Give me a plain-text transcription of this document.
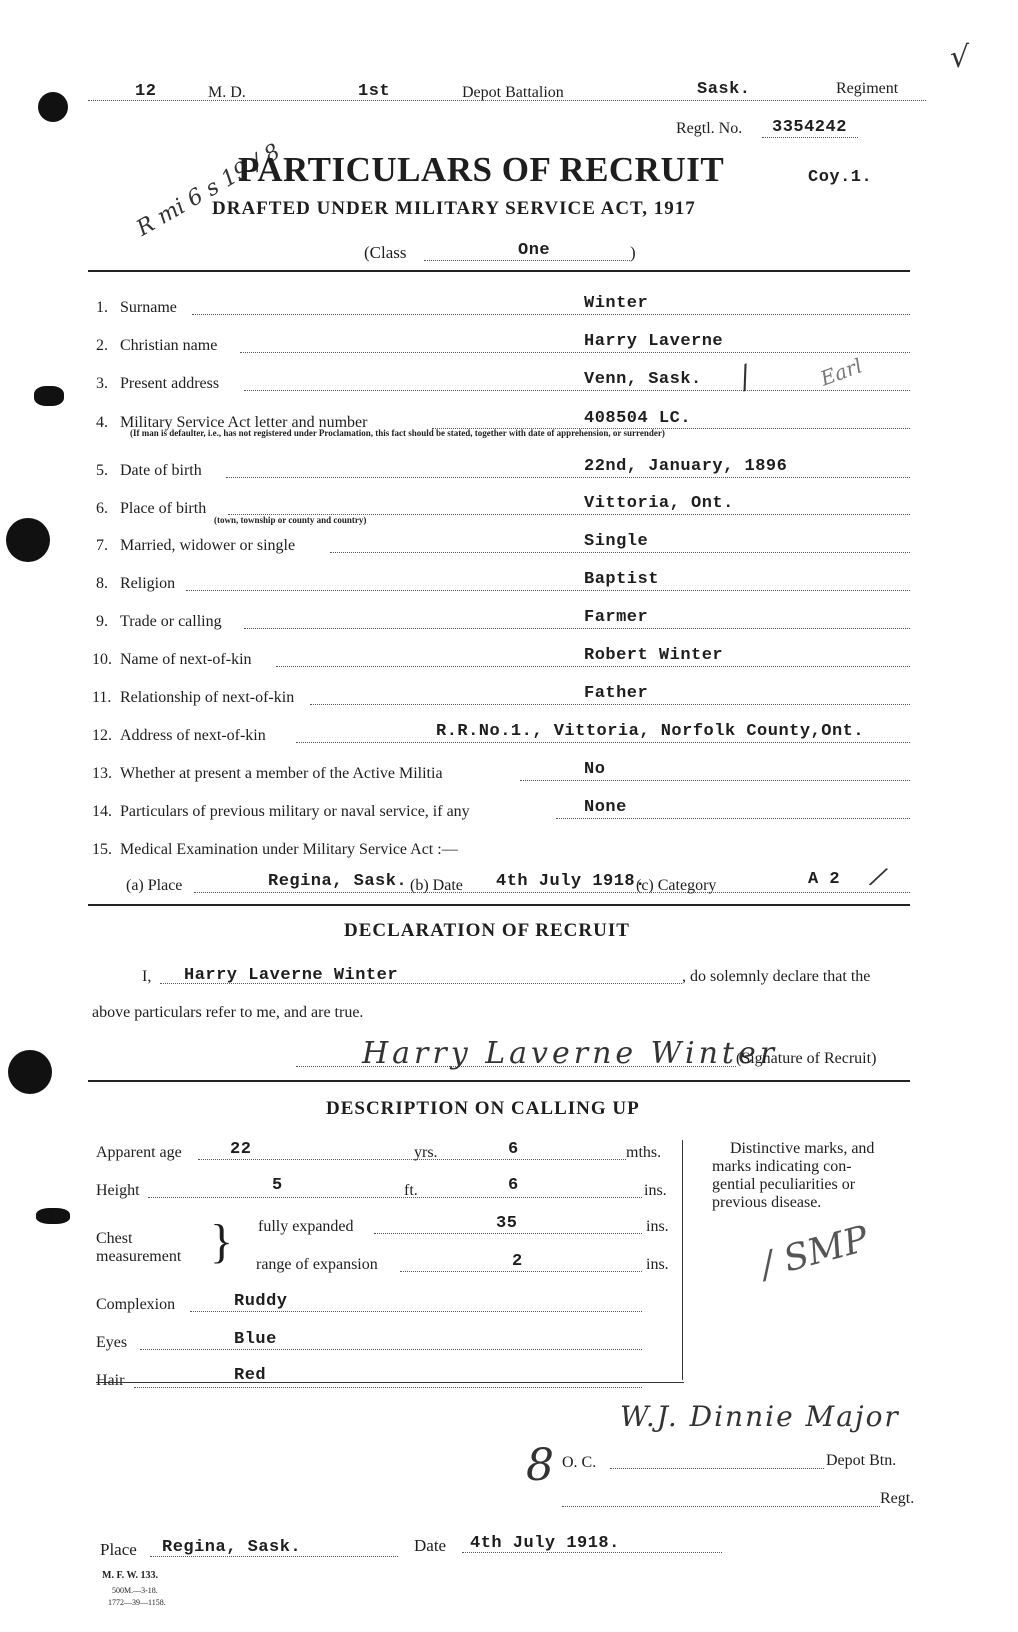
12	M. D.	1st	Depot Battalion	Sask.	Regiment
Regtl. No. 3354242
R mi 6 s 19 / 8
PARTICULARS OF RECRUIT	Coy.1.
DRAFTED UNDER MILITARY SERVICE ACT, 1917
(Class	One	)
1. Surname	Winter
2. Christian name	Harry Laverne
3. Present address	Venn, Sask.
4. Military Service Act letter and number	408504 LC.
(If man is defaulter, i.e., has not registered under Proclamation, this fact should be stated, together with date of apprehension, or surrender)
5. Date of birth	22nd, January, 1896
6. Place of birth	Vittoria, Ont.
(town, township or county and country)
7. Married, widower or single	Single
8. Religion	Baptist
9. Trade or calling	Farmer
10. Name of next-of-kin	Robert Winter
11. Relationship of next-of-kin	Father
12. Address of next-of-kin	R.R.No.1., Vittoria, Norfolk County,Ont.
13. Whether at present a member of the Active Militia	No
14. Particulars of previous military or naval service, if any	None
15. Medical Examination under Military Service Act :—
/	Earl
√
(a) Place	Regina, Sask. (b) Date 4th July 1918.
(c) Category	A 2 /
DECLARATION OF RECRUIT
I, Harry Laverne Winter	, do solemnly declare that the
above particulars refer to me, and are true.
Harry Laverne Winter
(Signature of Recruit)
DESCRIPTION ON CALLING UP
Apparent age	22	yrs.	6	mths.
Height	5	ft.	6	ins.
Chest
measurement } fully expanded	35	ins.
range of expansion	2	ins.
Complexion	Ruddy
Eyes	Blue
Hair	Red
Distinctive marks, and
marks indicating con-
gential peculiarities or
previous disease.
/ SMP
W.J. Dinnie Major
8 O. C.	Depot Btn.
Regt.
Place Regina, Sask.	Date 4th July 1918.
M. F. W. 133.
500M.—3-18.
1772—39—1158.
